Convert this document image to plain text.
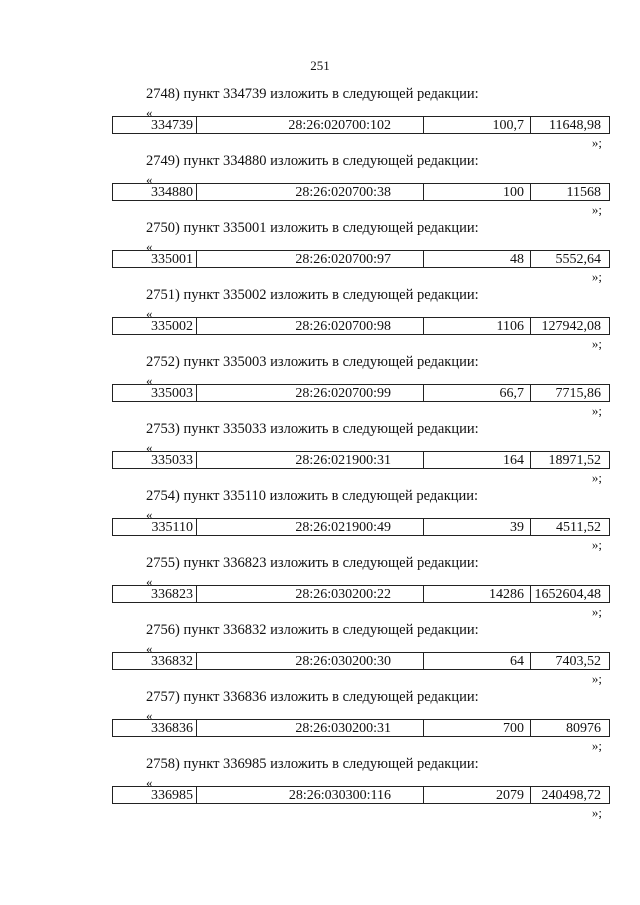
251
2748) пункт 334739 изложить в следующей редакции:
«
334739	28:26:020700:102	100,7	11648,98
»;
2749) пункт 334880 изложить в следующей редакции:
«
334880	28:26:020700:38	100	11568
»;
2750) пункт 335001 изложить в следующей редакции:
«
335001	28:26:020700:97	48	5552,64
»;
2751) пункт 335002 изложить в следующей редакции:
«
335002	28:26:020700:98	1106	127942,08
»;
2752) пункт 335003 изложить в следующей редакции:
«
335003	28:26:020700:99	66,7	7715,86
»;
2753) пункт 335033 изложить в следующей редакции:
«
335033	28:26:021900:31	164	18971,52
»;
2754) пункт 335110 изложить в следующей редакции:
«
335110	28:26:021900:49	39	4511,52
»;
2755) пункт 336823 изложить в следующей редакции:
«
336823	28:26:030200:22	14286	1652604,48
»;
2756) пункт 336832 изложить в следующей редакции:
«
336832	28:26:030200:30	64	7403,52
»;
2757) пункт 336836 изложить в следующей редакции:
«
336836	28:26:030200:31	700	80976
»;
2758) пункт 336985 изложить в следующей редакции:
«
336985	28:26:030300:116	2079	240498,72
»;
